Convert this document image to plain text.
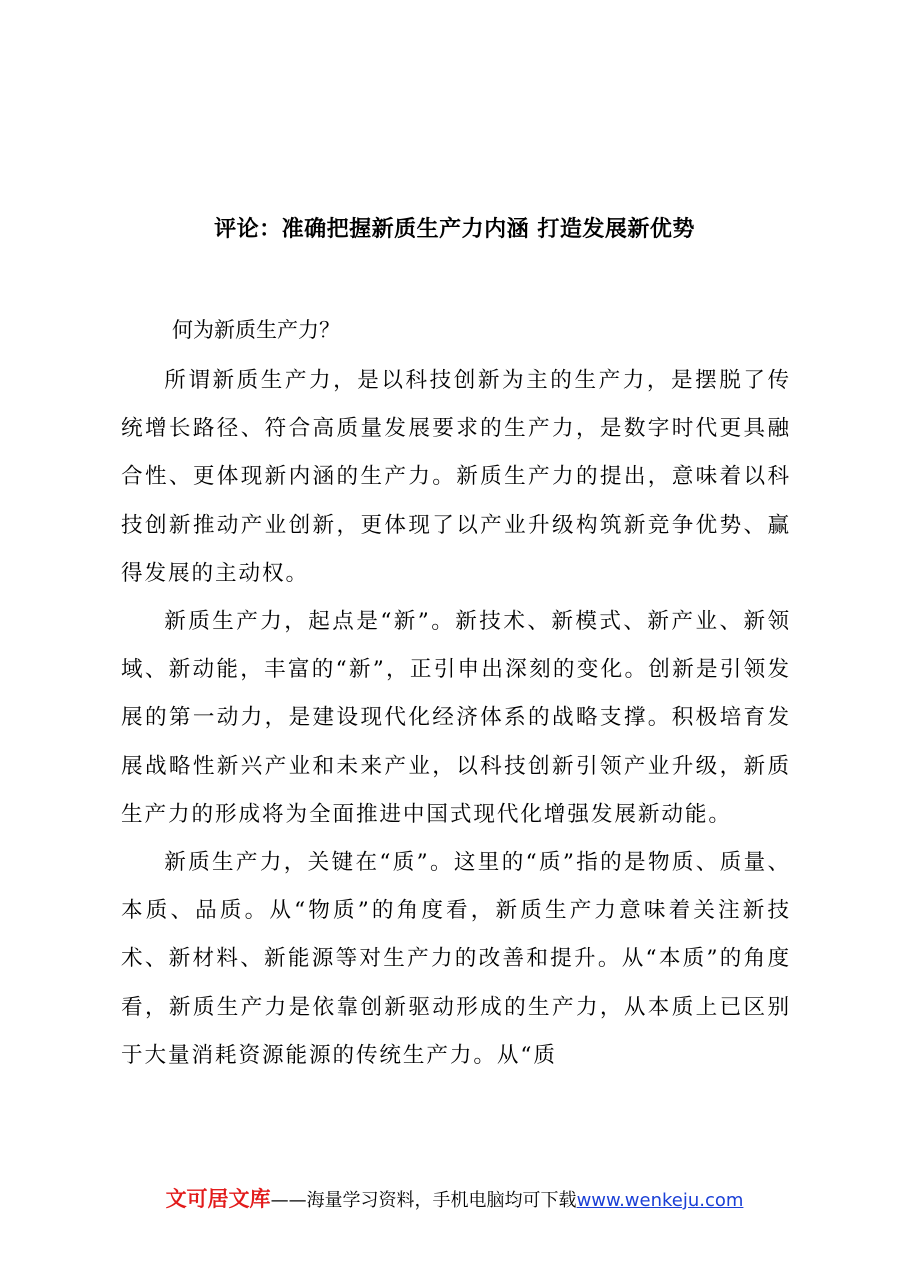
评论：准确把握新质生产力内涵 打造发展新优势
何为新质生产力？

所谓新质生产力，是以科技创新为主的生产力，是摆脱了传统增长路径、符合高质量发展要求的生产力，是数字时代更具融合性、更体现新内涵的生产力。新质生产力的提出，意味着以科技创新推动产业创新，更体现了以产业升级构筑新竞争优势、赢得发展的主动权。

新质生产力，起点是“新”。新技术、新模式、新产业、新领域、新动能，丰富的“新”，正引申出深刻的变化。创新是引领发展的第一动力，是建设现代化经济体系的战略支撑。积极培育发展战略性新兴产业和未来产业，以科技创新引领产业升级，新质生产力的形成将为全面推进中国式现代化增强发展新动能。

新质生产力，关键在“质”。这里的“质”指的是物质、质量、本质、品质。从“物质”的角度看，新质生产力意味着关注新技术、新材料、新能源等对生产力的改善和提升。从“本质”的角度看，新质生产力是依靠创新驱动形成的生产力，从本质上已区别于大量消耗资源能源的传统生产力。从“质

文可居文库——海量学习资料，手机电脑均可下载www.wenkeju.com
